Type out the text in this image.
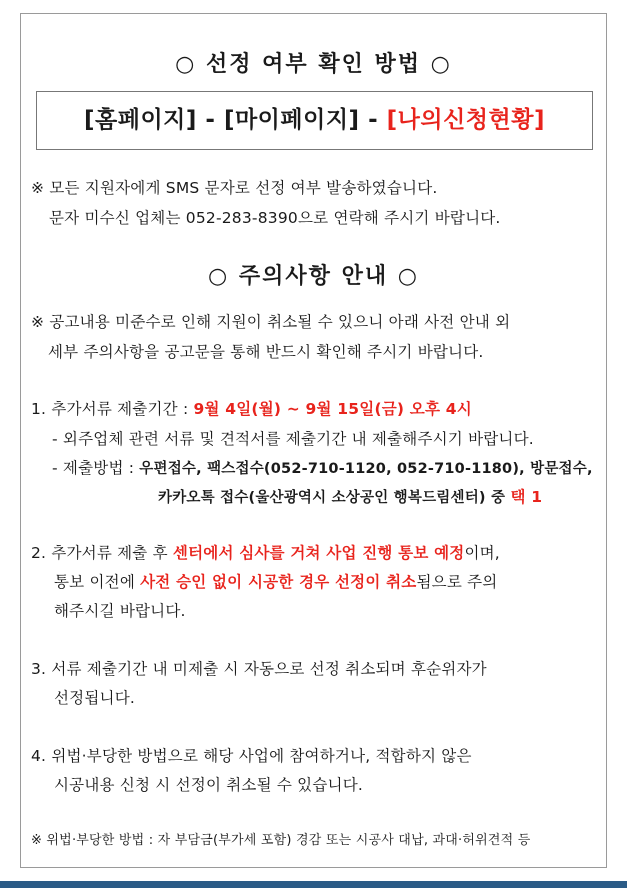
○ 선정 여부 확인 방법 ○
[홈페이지] - [마이페이지] - [나의신청현황]
※ 모든 지원자에게 SMS 문자로 선정 여부 발송하였습니다.
문자 미수신 업체는 052-283-8390으로 연락해 주시기 바랍니다.
○ 주의사항 안내 ○
※ 공고내용 미준수로 인해 지원이 취소될 수 있으니 아래 사전 안내 외
세부 주의사항을 공고문을 통해 반드시 확인해 주시기 바랍니다.
1. 추가서류 제출기간 : 9월 4일(월) ~ 9월 15일(금) 오후 4시
- 외주업체 관련 서류 및 견적서를 제출기간 내 제출해주시기 바랍니다.
- 제출방법 : 우편접수, 팩스접수(052-710-1120, 052-710-1180), 방문접수,
카카오톡 접수(울산광역시 소상공인 행복드림센터) 중 택 1
2. 추가서류 제출 후 센터에서 심사를 거쳐 사업 진행 통보 예정이며,
통보 이전에 사전 승인 없이 시공한 경우 선정이 취소됨으로 주의
해주시길 바랍니다.
3. 서류 제출기간 내 미제출 시 자동으로 선정 취소되며 후순위자가
선정됩니다.
4. 위법·부당한 방법으로 해당 사업에 참여하거나, 적합하지 않은
시공내용 신청 시 선정이 취소될 수 있습니다.
※ 위법·부당한 방법 : 자 부담금(부가세 포함) 경감 또는 시공사 대납, 과대·허위견적 등
